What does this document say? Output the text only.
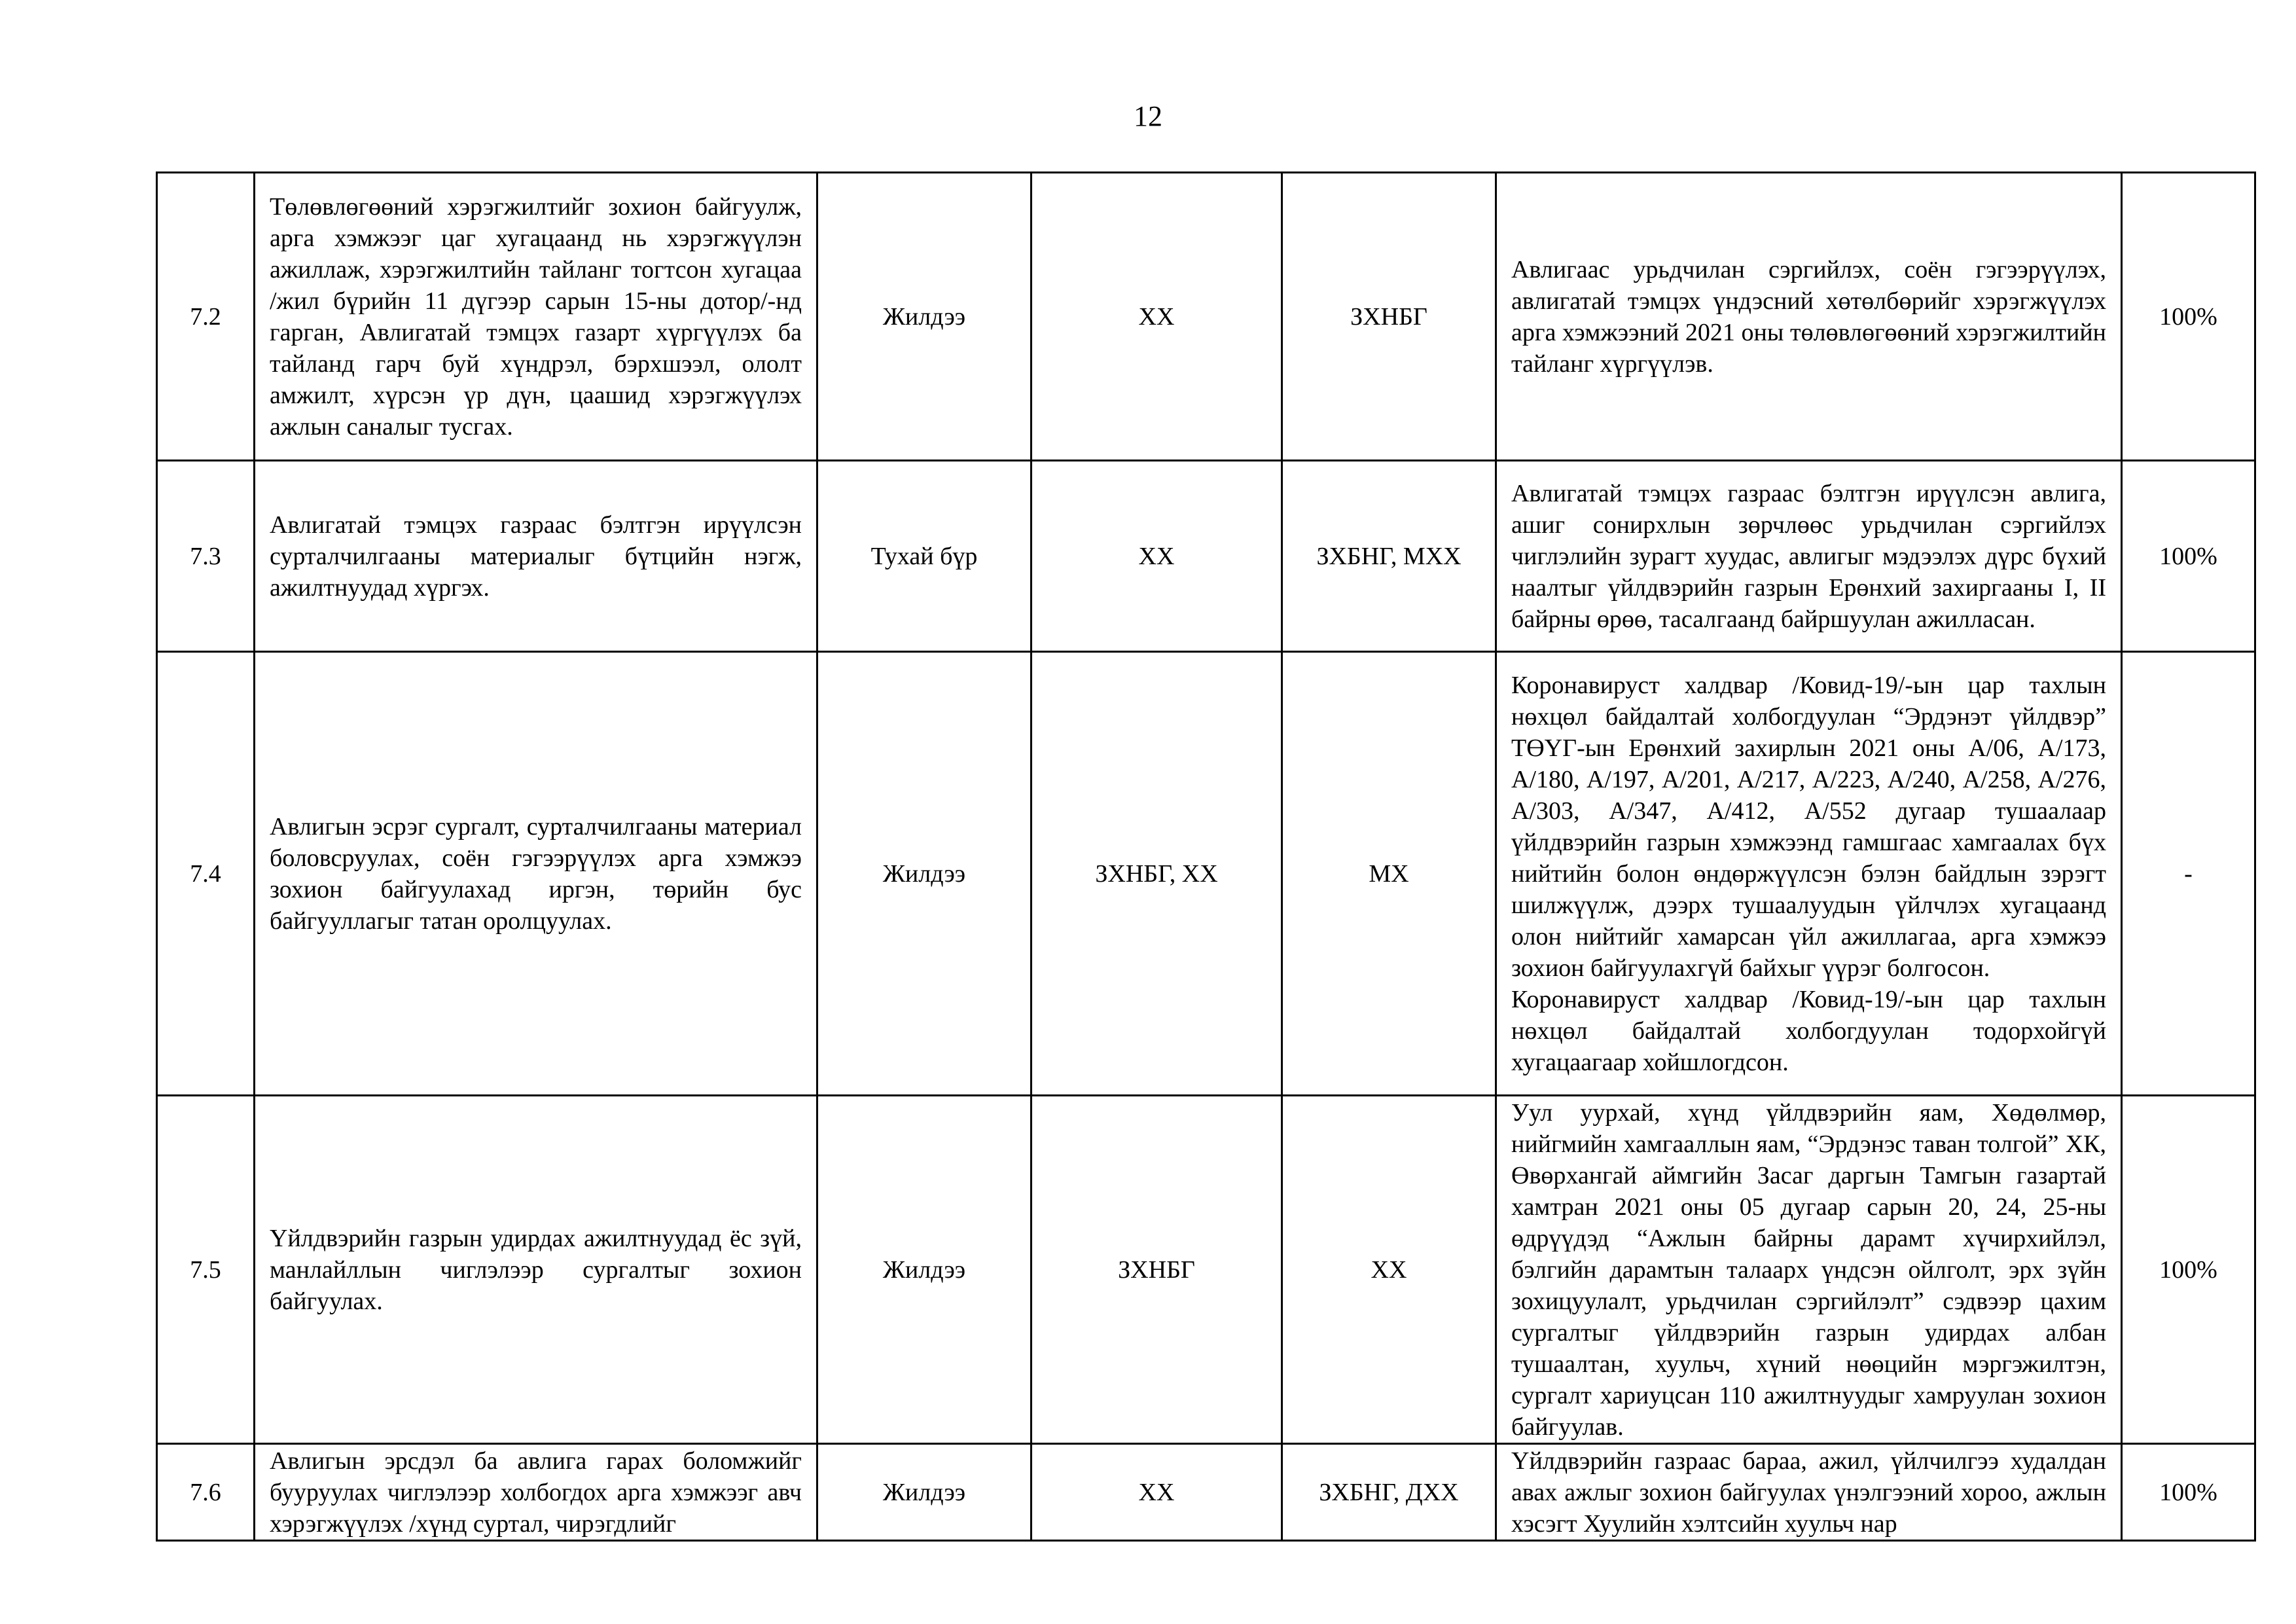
12
7.2	Төлөвлөгөөний хэрэгжилтийг зохион байгуулж, арга хэмжээг цаг хугацаанд нь хэрэгжүүлэн ажиллаж, хэрэгжилтийн тайланг тогтсон хугацаа /жил бүрийн 11 дүгээр сарын 15-ны дотор/-нд гарган, Авлигатай тэмцэх газарт хүргүүлэх ба тайланд гарч буй хүндрэл, бэрхшээл, ололт амжилт, хүрсэн үр дүн, цаашид хэрэгжүүлэх ажлын саналыг тусгах.	Жилдээ	ХХ	ЗХНБГ	Авлигаас урьдчилан сэргийлэх, соён гэгээрүүлэх, авлигатай тэмцэх үндэсний хөтөлбөрийг хэрэгжүүлэх арга хэмжээний 2021 оны төлөвлөгөөний хэрэгжилтийн тайланг хүргүүлэв.	100%
7.3	Авлигатай тэмцэх газраас бэлтгэн ирүүлсэн сурталчилгааны материалыг бүтцийн нэгж, ажилтнуудад хүргэх.	Тухай бүр	ХХ	ЗХБНГ, МХХ	Авлигатай тэмцэх газраас бэлтгэн ирүүлсэн авлига, ашиг сонирхлын зөрчлөөс урьдчилан сэргийлэх чиглэлийн зурагт хуудас, авлигыг мэдээлэх дүрс бүхий наалтыг үйлдвэрийн газрын Ерөнхий захиргааны I, II байрны өрөө, тасалгаанд байршуулан ажилласан.	100%
7.4	Авлигын эсрэг сургалт, сурталчилгааны материал боловсруулах, соён гэгээрүүлэх арга хэмжээ зохион байгуулахад иргэн, төрийн бус байгууллагыг татан оролцуулах.	Жилдээ	ЗХНБГ, ХХ	МХ	Коронавируст халдвар /Ковид-19/-ын цар тахлын нөхцөл байдалтай холбогдуулан “Эрдэнэт үйлдвэр” ТӨҮГ-ын Ерөнхий захирлын 2021 оны А/06, А/173, А/180, А/197, А/201, А/217, А/223, А/240, А/258, А/276, А/303, А/347, А/412, А/552 дугаар тушаалаар үйлдвэрийн газрын хэмжээнд гамшгаас хамгаалах бүх нийтийн болон өндөржүүлсэн бэлэн байдлын зэрэгт шилжүүлж, дээрх тушаалуудын үйлчлэх хугацаанд олон нийтийг хамарсан үйл ажиллагаа, арга хэмжээ зохион байгуулахгүй байхыг үүрэг болгосон.
Коронавируст халдвар /Ковид-19/-ын цар тахлын нөхцөл байдалтай холбогдуулан тодорхойгүй хугацаагаар хойшлогдсон.	-
7.5	Үйлдвэрийн газрын удирдах ажилтнуудад ёс зүй, манлайллын чиглэлээр сургалтыг зохион байгуулах.	Жилдээ	ЗХНБГ	ХХ	Уул уурхай, хүнд үйлдвэрийн яам, Хөдөлмөр, нийгмийн хамгааллын яам, “Эрдэнэс таван толгой” ХК, Өвөрхангай аймгийн Засаг даргын Тамгын газартай хамтран 2021 оны 05 дугаар сарын 20, 24, 25-ны өдрүүдэд “Ажлын байрны дарамт хүчирхийлэл, бэлгийн дарамтын талаарх үндсэн ойлголт, эрх зүйн зохицуулалт, урьдчилан сэргийлэлт” сэдвээр цахим сургалтыг үйлдвэрийн газрын удирдах албан тушаалтан, хуульч, хүний нөөцийн мэргэжилтэн, сургалт хариуцсан 110 ажилтнуудыг хамруулан зохион байгуулав.	100%
7.6	Авлигын эрсдэл ба авлига гарах боломжийг бууруулах чиглэлээр холбогдох арга хэмжээг авч хэрэгжүүлэх /хүнд суртал, чирэгдлийг	Жилдээ	ХХ	ЗХБНГ, ДХХ	Үйлдвэрийн газраас бараа, ажил, үйлчилгээ худалдан авах ажлыг зохион байгуулах үнэлгээний хороо, ажлын хэсэгт Хуулийн хэлтсийн хуульч нар	100%
